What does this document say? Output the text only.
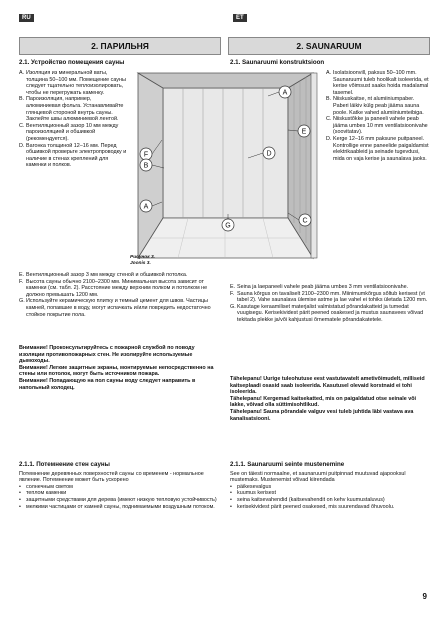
RU	ET
2. ПАРИЛЬНЯ	2. SAUNARUUM

2.1. Устройство помещения сауны

A. Изоляция из минеральной ваты, толщина 50–100 мм. Помещение сауны следует тщательно теплоизолировать, чтобы не перегружать каменку.
B. Пароизоляция, например, алюминиевая фольга. Устанавливайте глянцевой стороной внутрь сауны. Заклейте швы алюминиевой лентой.
C. Вентиляционный зазор 10 мм между пароизоляцией и обшивкой (рекомендуется).
D. Вагонка толщиной 12–16 мм. Перед обшивкой проверьте электропроводку и наличие в стенах креплений для каменки и полков.
E. Вентиляционный зазор 3 мм между стеной и обшивкой потолка.
F. Высота сауны обычно 2100–2300 мм. Минимальная высота зависит от каменки (см. табл. 2). Расстояние между верхним полком и потолком не должно превышать 1200 мм.
G. Используйте керамическую плитку и темный цемент для швов. Частицы камней, попавшие в воду, могут испачкать и/или повредить недостаточно стойкое покрытие пола.

Внимание! Проконсультируйтесь с пожарной службой по поводу изоляции противопожарных стен. Не изолируйте используемые дымоходы.

Внимание! Легкие защитные экраны, монтируемые непосредственно на стены или потолок, могут быть источником пожара.

Внимание! Попадающую на пол сауны воду следует направить в напольный колодец.

2.1. Saunaruumi konstruktsioon

A. Isolatsioonvill, paksus 50–100 mm. Saunaruumi tuleb hoolikalt isoleerida, et kerise võimsust saaks hoida madalamal tasemel.
B. Niiskuskaitse, nt alumiiniumpaber. Paberi läikiv külg peab jääma sauna poole. Katke vahed alumiiniumteibiga.
C. Niiskustõkke ja paneeli vahele peab jääma umbes 10 mm ventilatsioonivahe (soovitatav).
D. Kerge 12–16 mm paksune puitpaneel. Kontrollige enne paneelide paigaldamist elektrikaableid ja seinade tugevdusi, mida on vaja kerise ja saunalava jaoks.
E. Seina ja laepaneeli vahele peab jääma umbes 3 mm ventilatsioonivahe.
F. Sauna kõrgus on tavaliselt 2100–2300 mm. Miinimumkõrgus sõltub kerisest (vt tabel 2). Vahe saunalava ülemise astme ja lae vahel ei tohiks ületada 1200 mm.
G. Kasutage keraamiliset materjalist valmistatud põrandakatteid ja tumedat vuugisegu. Kerisekividest pärit peened osakesed ja mustus saunavees võivad tekitada plekke ja/või kahjustusi õrnematele põrandakatetele.

Tähelepanu! Uurige tuleohutuse eest vastutavatelt ametivõimudelt, milliseid kaitseplaadi osasid saab isoleerida. Kasutusel olevaid korstnaid ei tohi isoleerida.

Tähelepanu! Kergemad kaitsekatted, mis on paigaldatud otse seinale või lakke, võivad olla süttimisohtlikud.

Tähelepanu! Sauna põrandale valguv vesi tuleb juhtida läbi vastava ava kanalisatsiooni.

A
E
F	D
B
A
C
G
Рисунок 3.
Joonis 3.

2.1.1. Потемнение стен сауны

Потемнение деревянных поверхностей сауны со временем - нормальное явление. Потемнение может быть ускорено

• солнечным светом
• теплом каменки
• защитными средствами для дерева (имеют низкую тепловую устойчивость)
• мелкими частицами от камней сауны, поднимаемыми воздушным потоком.

2.1.1. Saunaruumi seinte mustenemine

See on täiesti normaalne, et saunaruumi puitpinnad muutuvad ajapooksul mustemaks. Mustenemist võivad kiirendada

• päikesevalgus
• kuumus kerisest
• seina kaitsevahendid (kaitsevahendit on kehv kuumustaluvus)
• kerisekividest pärit peened osakesed, mis suurendavad õhuvoolu.
9
